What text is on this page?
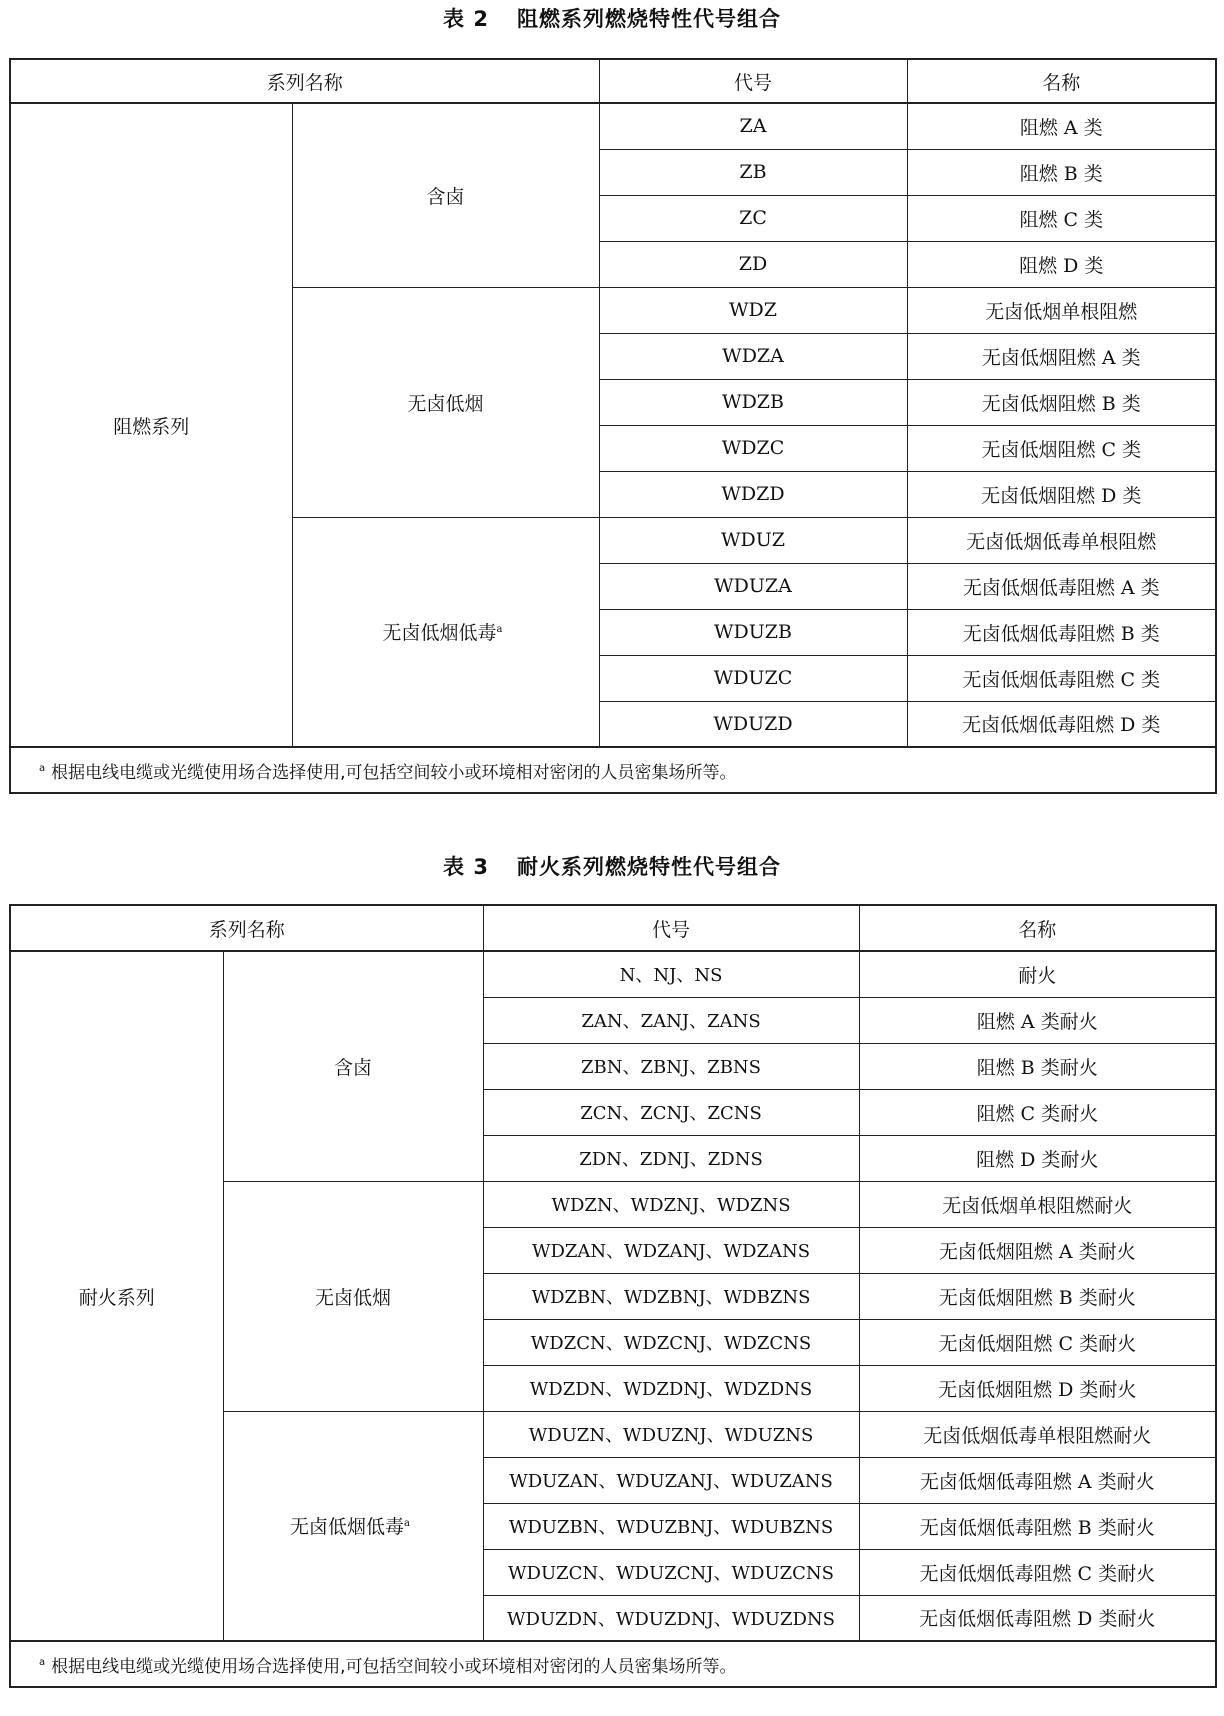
表 2 阻燃系列燃烧特性代号组合
系列名称		代号	名称
阻燃系列	含卤	ZA	阻燃 A 类
		ZB	阻燃 B 类
		ZC	阻燃 C 类
		ZD	阻燃 D 类
	无卤低烟	WDZ	无卤低烟单根阻燃
		WDZA	无卤低烟阻燃 A 类
		WDZB	无卤低烟阻燃 B 类
		WDZC	无卤低烟阻燃 C 类
		WDZD	无卤低烟阻燃 D 类
	无卤低烟低毒$^a$	WDUZ	无卤低烟低毒单根阻燃
		WDUZA	无卤低烟低毒阻燃 A 类
		WDUZB	无卤低烟低毒阻燃 B 类
		WDUZC	无卤低烟低毒阻燃 C 类
		WDUZD	无卤低烟低毒阻燃 D 类
$^a$ 根据电线电缆或光缆使用场合选择使用,可包括空间较小或环境相对密闭的人员密集场所等。			
表 3 耐火系列燃烧特性代号组合
系列名称		代号	名称
耐火系列	含卤	N、NJ、NS	耐火
		ZAN、ZANJ、ZANS	阻燃 A 类耐火
		ZBN、ZBNJ、ZBNS	阻燃 B 类耐火
		ZCN、ZCNJ、ZCNS	阻燃 C 类耐火
		ZDN、ZDNJ、ZDNS	阻燃 D 类耐火
	无卤低烟	WDZN、WDZNJ、WDZNS	无卤低烟单根阻燃耐火
		WDZAN、WDZANJ、WDZANS	无卤低烟阻燃 A 类耐火
		WDZBN、WDZBNJ、WDBZNS	无卤低烟阻燃 B 类耐火
		WDZCN、WDZCNJ、WDZCNS	无卤低烟阻燃 C 类耐火
		WDZDN、WDZDNJ、WDZDNS	无卤低烟阻燃 D 类耐火
	无卤低烟低毒$^a$	WDUZN、WDUZNJ、WDUZNS	无卤低烟低毒单根阻燃耐火
		WDUZAN、WDUZANJ、WDUZANS	无卤低烟低毒阻燃 A 类耐火
		WDUZBN、WDUZBNJ、WDUBZNS	无卤低烟低毒阻燃 B 类耐火
		WDUZCN、WDUZCNJ、WDUZCNS	无卤低烟低毒阻燃 C 类耐火
		WDUZDN、WDUZDNJ、WDUZDNS	无卤低烟低毒阻燃 D 类耐火
$^a$ 根据电线电缆或光缆使用场合选择使用,可包括空间较小或环境相对密闭的人员密集场所等。			
